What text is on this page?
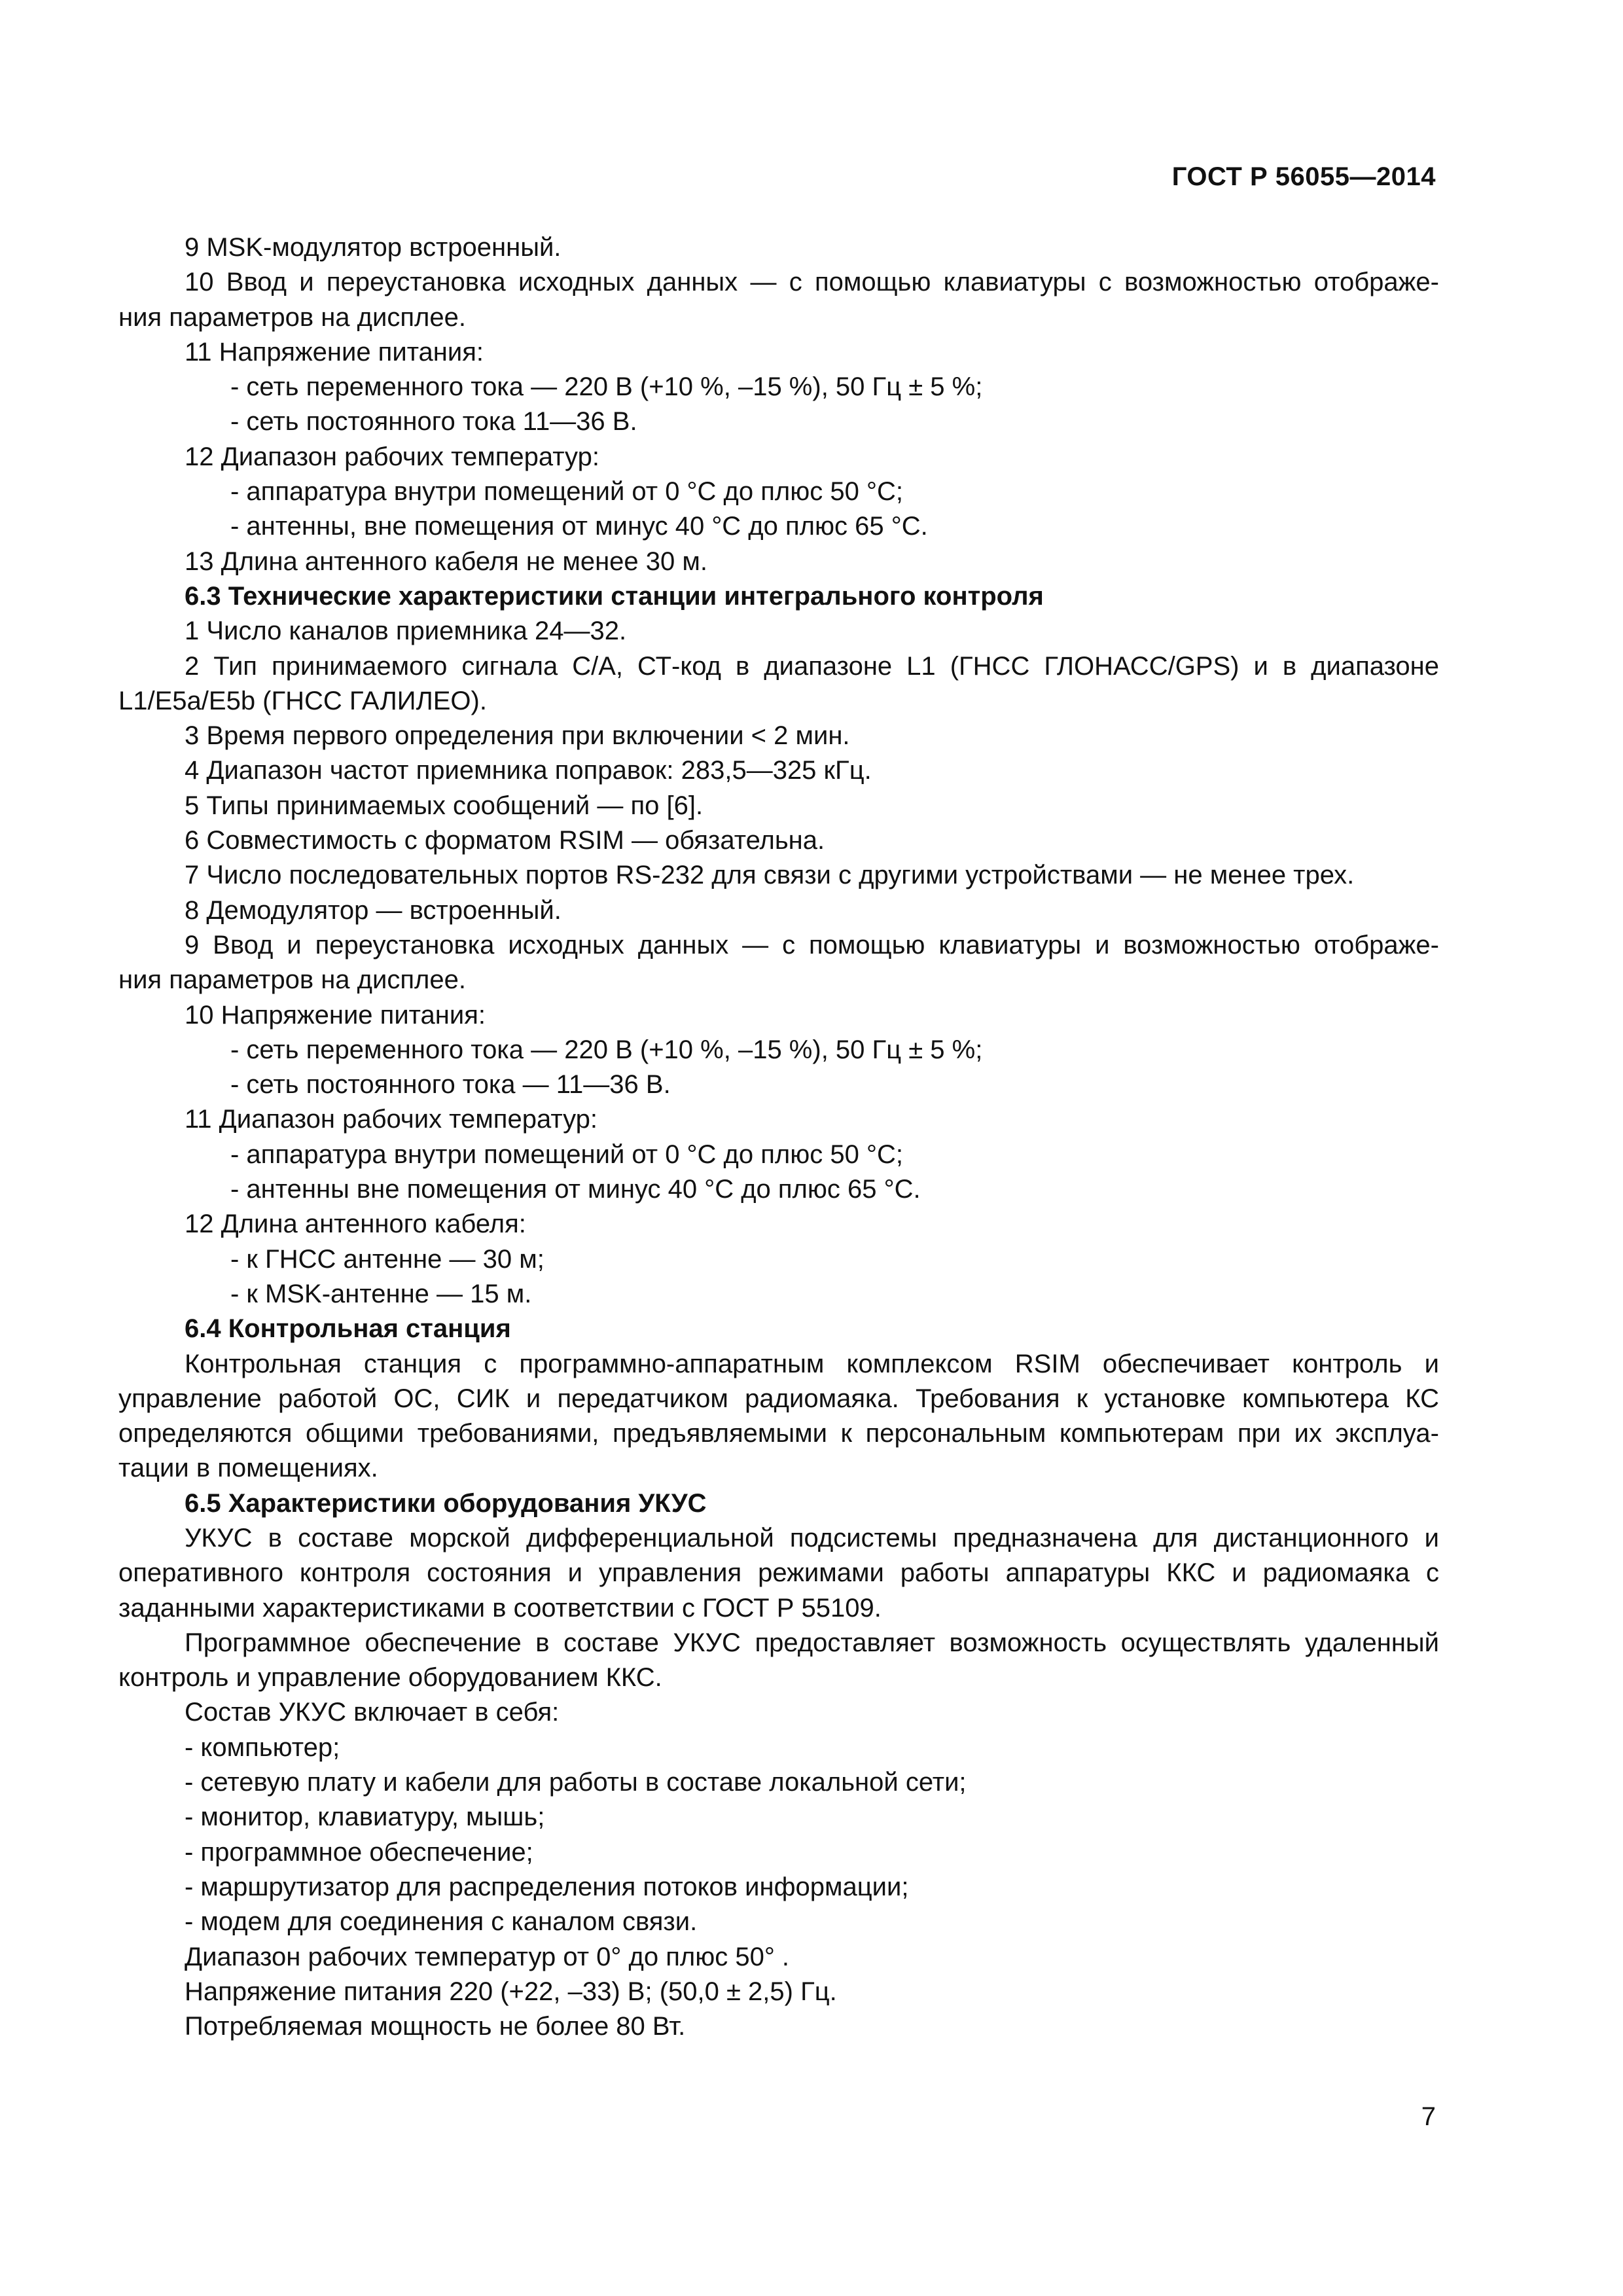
ГОСТ Р 56055—2014
9 MSK-модулятор встроенный.
10 Ввод и переустановка исходных данных — с помощью клавиатуры с возможностью отображе-
ния параметров на дисплее.
11 Напряжение питания:
- сеть переменного тока — 220 В (+10 %, –15 %), 50 Гц ± 5 %;
- сеть постоянного тока 11—36 В.
12 Диапазон рабочих температур:
- аппаратура внутри помещений от 0 °C до плюс 50 °C;
- антенны, вне помещения от минус 40 °C до плюс 65 °C.
13 Длина антенного кабеля не менее 30 м.
6.3 Технические характеристики станции интегрального контроля
1 Число каналов приемника 24—32.
2 Тип принимаемого сигнала C/A, СТ-код в диапазоне L1 (ГНСС ГЛОНАСС/GPS) и в диапазоне
L1/E5a/E5b (ГНСС ГАЛИЛЕО).
3 Время первого определения при включении < 2 мин.
4 Диапазон частот приемника поправок: 283,5—325 кГц.
5 Типы принимаемых сообщений — по [6].
6 Совместимость с форматом RSIM — обязательна.
7 Число последовательных портов RS-232 для связи с другими устройствами — не менее трех.
8 Демодулятор — встроенный.
9 Ввод и переустановка исходных данных — с помощью клавиатуры и возможностью отображе-
ния параметров на дисплее.
10 Напряжение питания:
- сеть переменного тока — 220 В (+10 %, –15 %), 50 Гц ± 5 %;
- сеть постоянного тока — 11—36 В.
11 Диапазон рабочих температур:
- аппаратура внутри помещений от 0 °C до плюс 50 °C;
- антенны вне помещения от минус 40 °C до плюс 65 °C.
12 Длина антенного кабеля:
- к ГНСС антенне — 30 м;
- к MSK-антенне — 15 м.
6.4 Контрольная станция
Контрольная станция с программно-аппаратным комплексом RSIM обеспечивает контроль и
управление работой ОС, СИК и передатчиком радиомаяка. Требования к установке компьютера КС
определяются общими требованиями, предъявляемыми к персональным компьютерам при их эксплуа-
тации в помещениях.
6.5 Характеристики оборудования УКУС
УКУС в составе морской дифференциальной подсистемы предназначена для дистанционного и
оперативного контроля состояния и управления режимами работы аппаратуры ККС и радиомаяка с
заданными характеристиками в соответствии с ГОСТ Р 55109.
Программное обеспечение в составе УКУС предоставляет возможность осуществлять удаленный
контроль и управление оборудованием ККС.
Состав УКУС включает в себя:
- компьютер;
- сетевую плату и кабели для работы в составе локальной сети;
- монитор, клавиатуру, мышь;
- программное обеспечение;
- маршрутизатор для распределения потоков информации;
- модем для соединения с каналом связи.
Диапазон рабочих температур от 0° до плюс 50° .
Напряжение питания 220 (+22, –33) В; (50,0 ± 2,5) Гц.
Потребляемая мощность не более 80 Вт.
7
